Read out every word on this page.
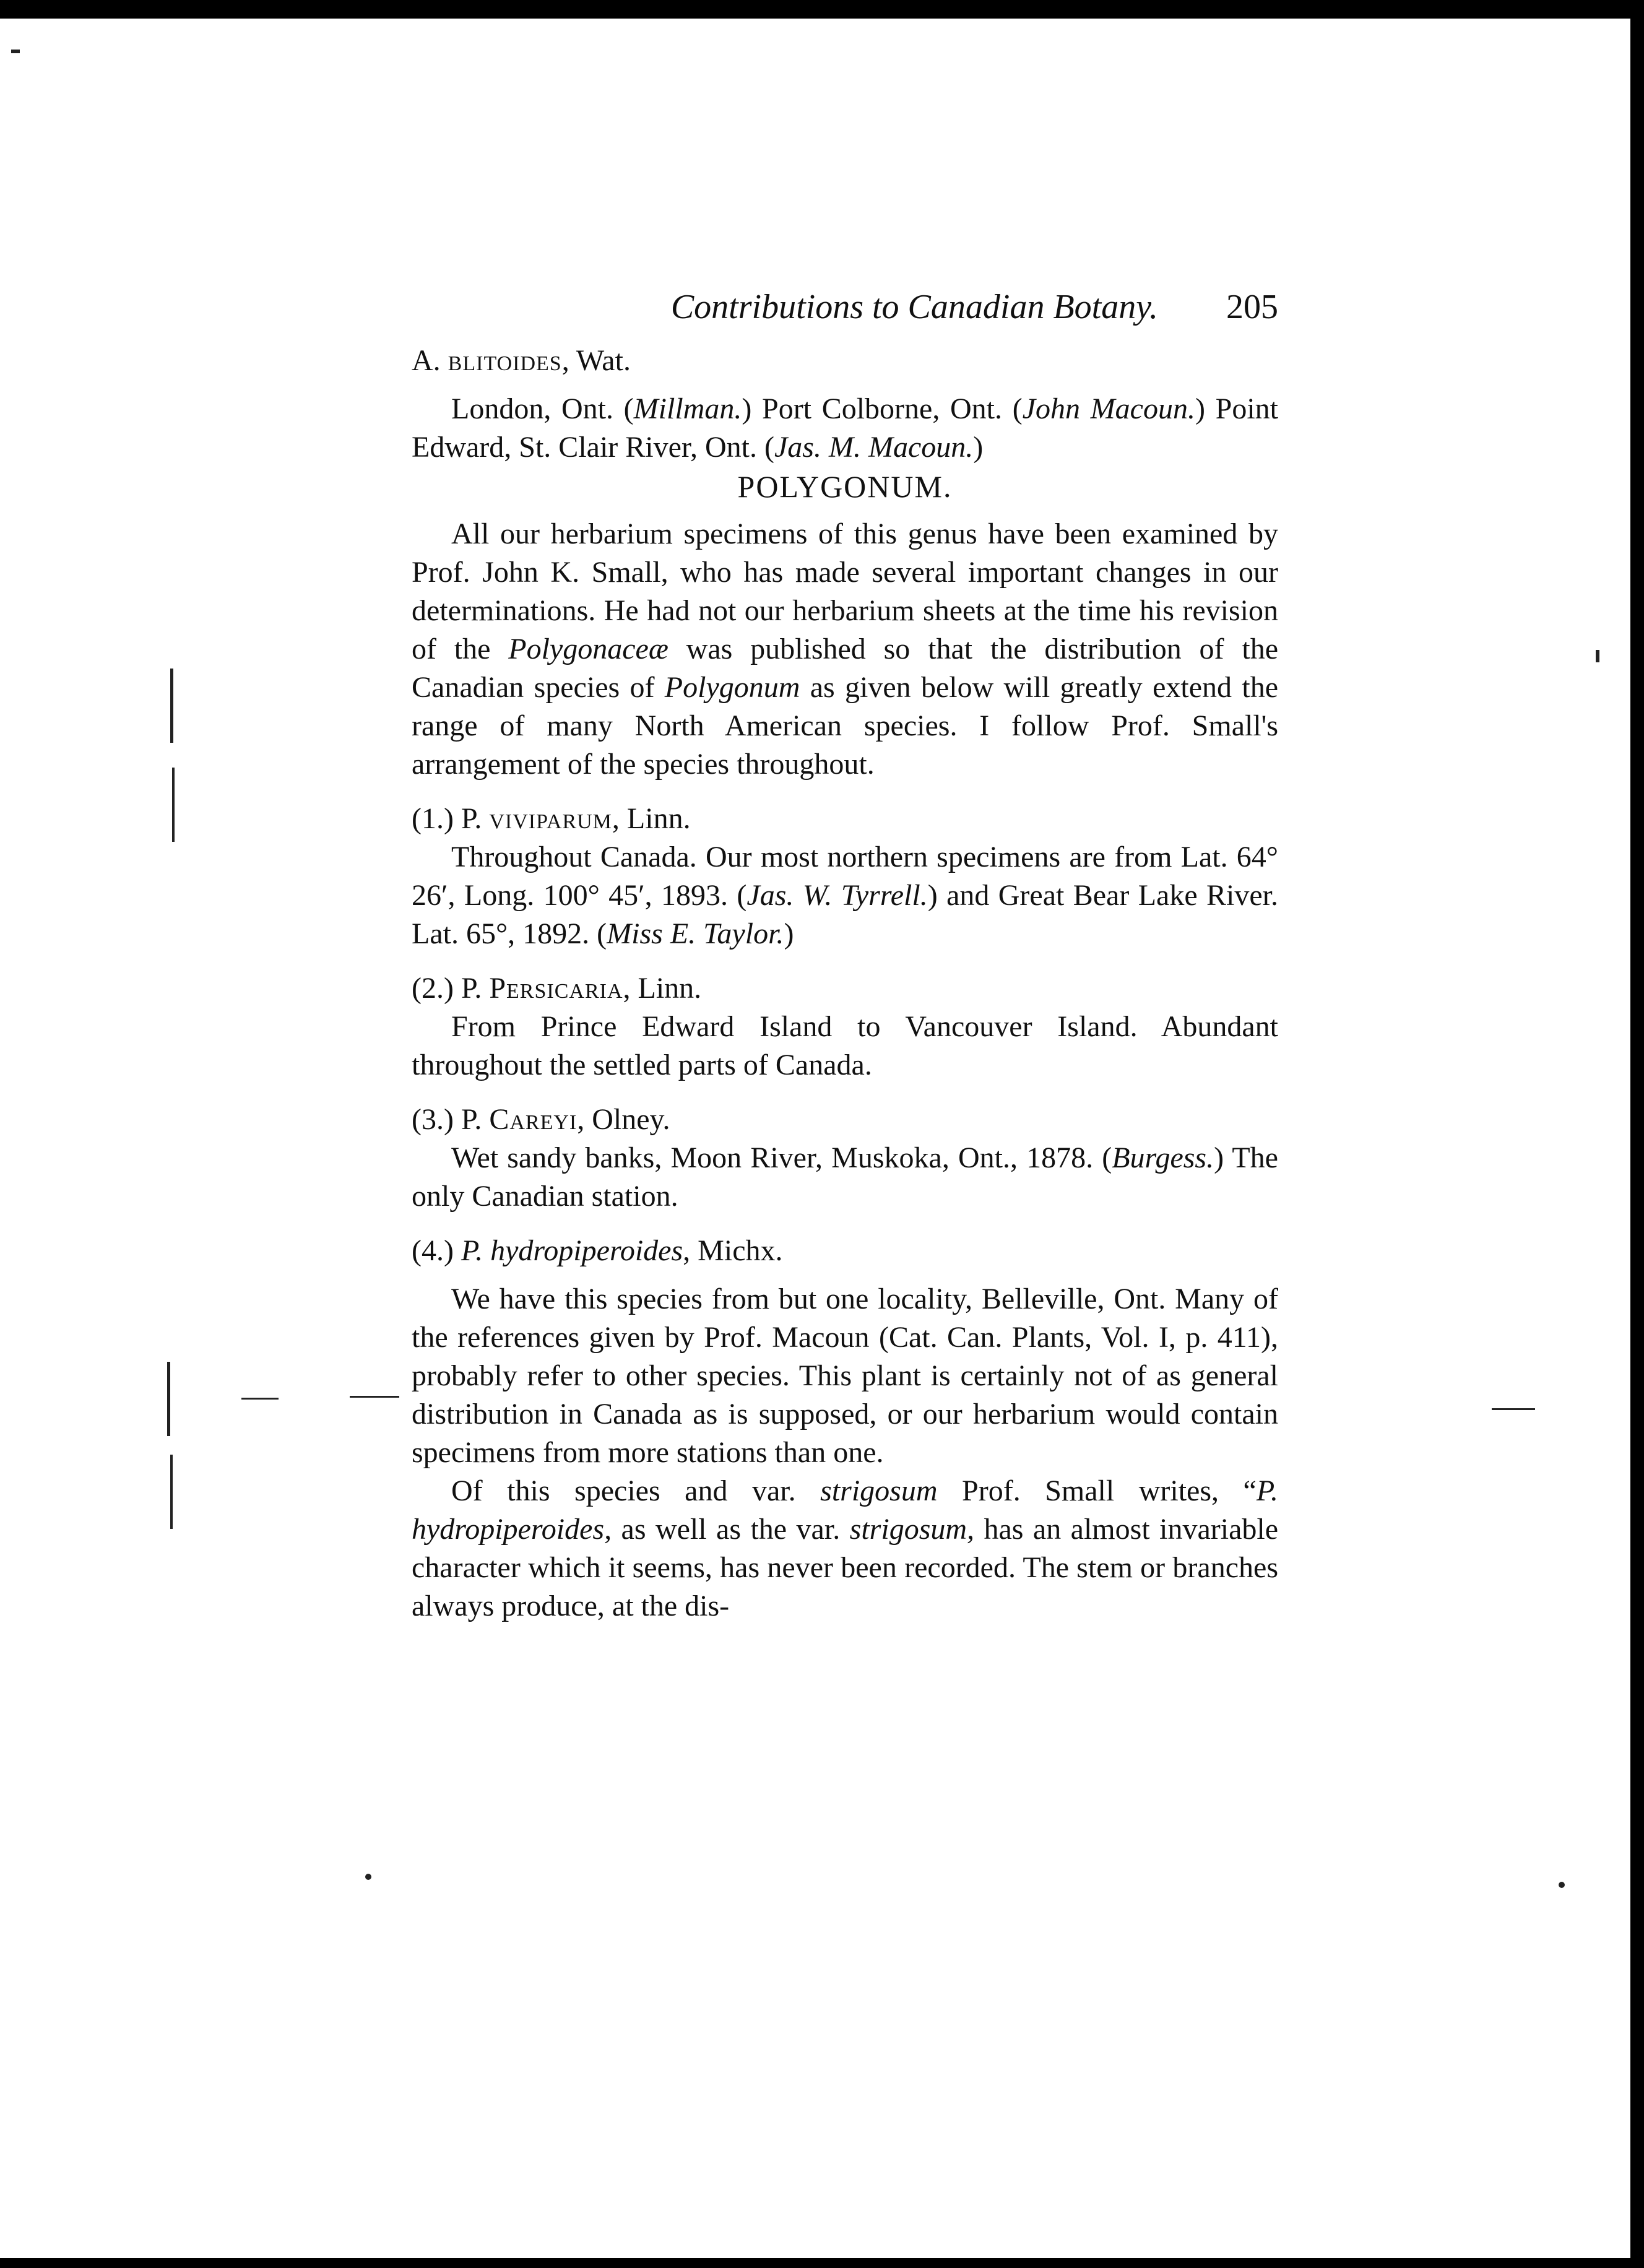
Contributions to Canadian Botany. 205

A. blitoides, Wat.

London, Ont. (Millman.) Port Colborne, Ont. (John Macoun.) Point Edward, St. Clair River, Ont. (Jas. M. Macoun.)

POLYGONUM.

All our herbarium specimens of this genus have been examined by Prof. John K. Small, who has made several important changes in our determinations. He had not our herbarium sheets at the time his revision of the Polygonaceæ was published so that the distribution of the Canadian species of Polygonum as given below will greatly extend the range of many North American species. I follow Prof. Small's arrangement of the species throughout.

(1.) P. viviparum, Linn.

Throughout Canada. Our most northern specimens are from Lat. 64° 26′, Long. 100° 45′, 1893. (Jas. W. Tyrrell.) and Great Bear Lake River. Lat. 65°, 1892. (Miss E. Taylor.)

(2.) P. Persicaria, Linn.

From Prince Edward Island to Vancouver Island. Abundant throughout the settled parts of Canada.

(3.) P. Careyi, Olney.

Wet sandy banks, Moon River, Muskoka, Ont., 1878. (Burgess.) The only Canadian station.

(4.) P. hydropiperoides, Michx.

We have this species from but one locality, Belleville, Ont. Many of the references given by Prof. Macoun (Cat. Can. Plants, Vol. I, p. 411), probably refer to other species. This plant is certainly not of as general distribution in Canada as is supposed, or our herbarium would contain specimens from more stations than one.

Of this species and var. strigosum Prof. Small writes, “P. hydropiperoides, as well as the var. strigosum, has an almost invariable character which it seems, has never been recorded. The stem or branches always produce, at the dis-
